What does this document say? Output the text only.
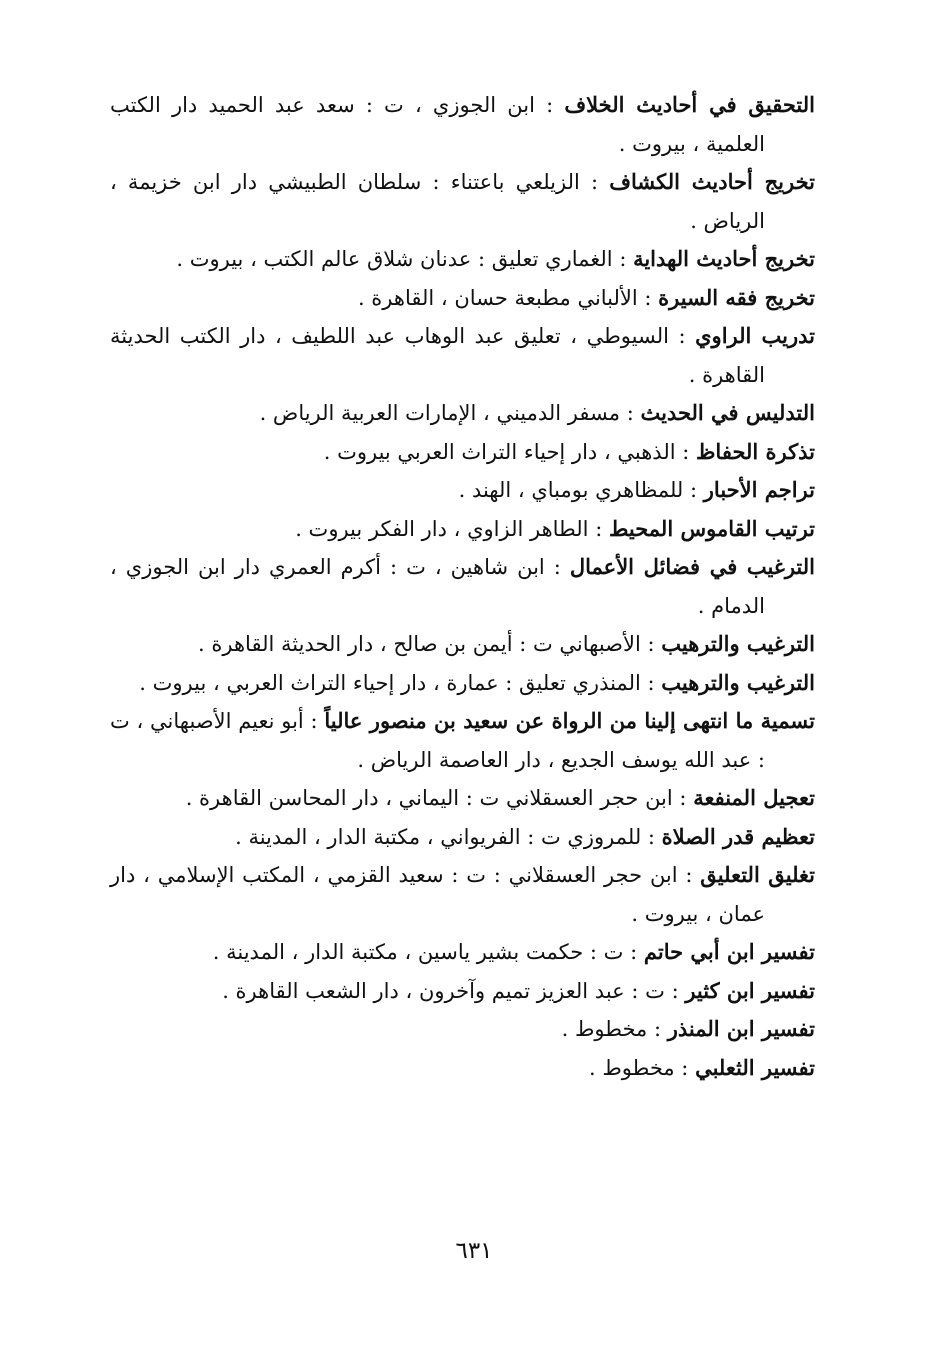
التحقيق في أحاديث الخلاف : ابن الجوزي ، ت : سعد عبد الحميد دار الكتب العلمية ، بيروت .

تخريج أحاديث الكشاف : الزيلعي باعتناء : سلطان الطبيشي دار ابن خزيمة ، الرياض .

تخريج أحاديث الهداية : الغماري تعليق : عدنان شلاق عالم الكتب ، بيروت .

تخريج فقه السيرة : الألباني مطبعة حسان ، القاهرة .

تدريب الراوي : السيوطي ، تعليق عبد الوهاب عبد اللطيف ، دار الكتب الحديثة القاهرة .

التدليس في الحديث : مسفر الدميني ، الإمارات العربية الرياض .

تذكرة الحفاظ : الذهبي ، دار إحياء التراث العربي بيروت .

تراجم الأحبار : للمظاهري بومباي ، الهند .

ترتيب القاموس المحيط : الطاهر الزاوي ، دار الفكر بيروت .

الترغيب في فضائل الأعمال : ابن شاهين ، ت : أكرم العمري دار ابن الجوزي ، الدمام .

الترغيب والترهيب : الأصبهاني ت : أيمن بن صالح ، دار الحديثة القاهرة .

الترغيب والترهيب : المنذري تعليق : عمارة ، دار إحياء التراث العربي ، بيروت .

تسمية ما انتهى إلينا من الرواة عن سعيد بن منصور عالياً : أبو نعيم الأصبهاني ، ت : عبد الله يوسف الجديع ، دار العاصمة الرياض .

تعجيل المنفعة : ابن حجر العسقلاني ت : اليماني ، دار المحاسن القاهرة .

تعظيم قدر الصلاة : للمروزي ت : الفريواني ، مكتبة الدار ، المدينة .

تغليق التعليق : ابن حجر العسقلاني : ت : سعيد القزمي ، المكتب الإسلامي ، دار عمان ، بيروت .

تفسير ابن أبي حاتم : ت : حكمت بشير ياسين ، مكتبة الدار ، المدينة .

تفسير ابن كثير : ت : عبد العزيز تميم وآخرون ، دار الشعب القاهرة .

تفسير ابن المنذر : مخطوط .

تفسير الثعلبي : مخطوط .

٦٣١
